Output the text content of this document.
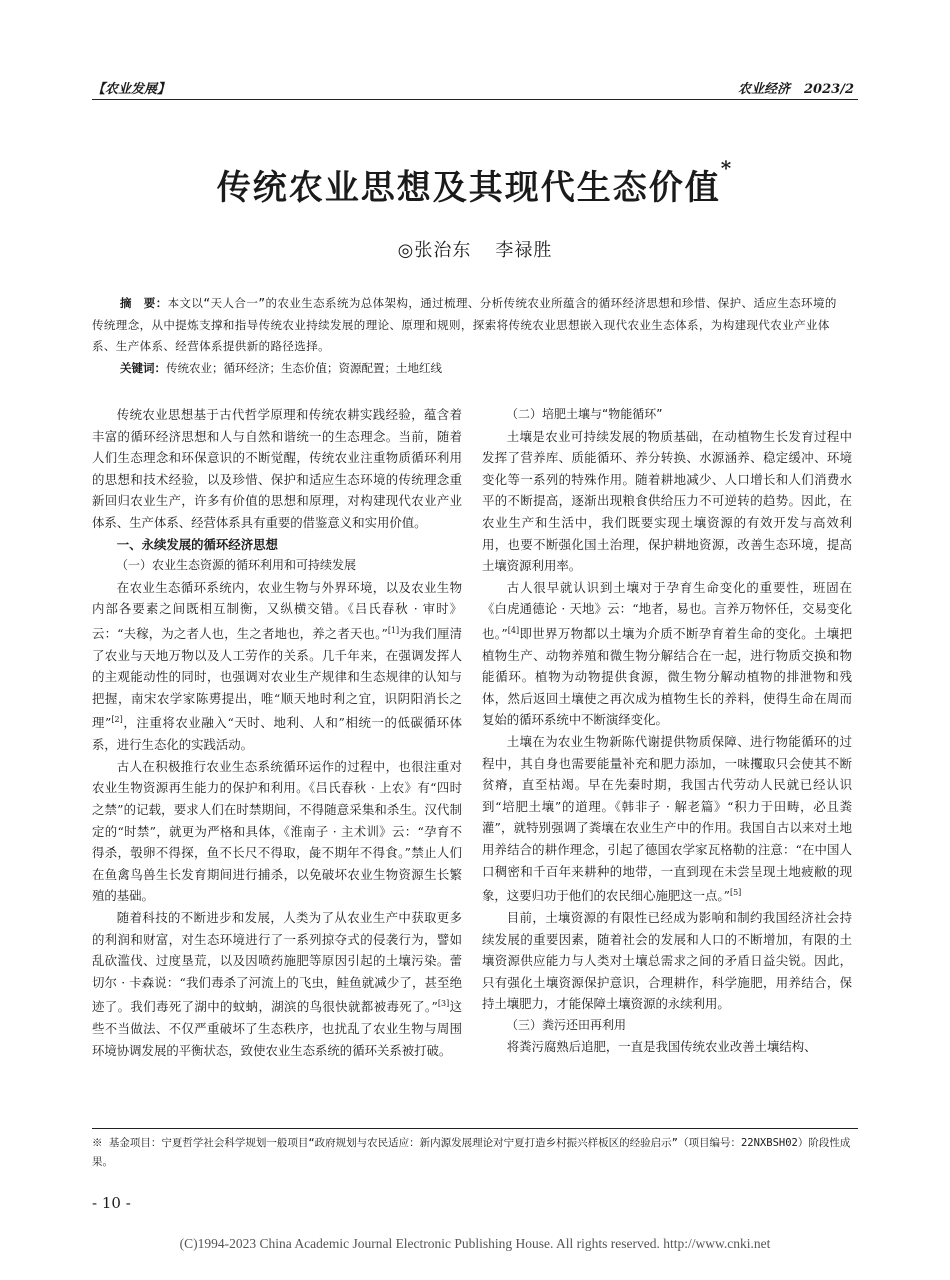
【农业发展】	农业经济 2023/2
传统农业思想及其现代生态价值*
◎张治东 李禄胜
摘　要：本文以“天人合一”的农业生态系统为总体架构，通过梳理、分析传统农业所蕴含的循环经济思想和珍惜、保护、适应生态环境的传统理念，从中提炼支撑和指导传统农业持续发展的理论、原理和规则，探索将传统农业思想嵌入现代农业生态体系，为构建现代农业产业体系、生产体系、经营体系提供新的路径选择。
关键词：传统农业；循环经济；生态价值；资源配置；土地红线

传统农业思想基于古代哲学原理和传统农耕实践经验，蕴含着丰富的循环经济思想和人与自然和谐统一的生态理念。当前，随着人们生态理念和环保意识的不断觉醒，传统农业注重物质循环利用的思想和技术经验，以及珍惜、保护和适应生态环境的传统理念重新回归农业生产，许多有价值的思想和原理，对构建现代农业产业体系、生产体系、经营体系具有重要的借鉴意义和实用价值。

一、永续发展的循环经济思想
（一）农业生态资源的循环利用和可持续发展

在农业生态循环系统内，农业生物与外界环境，以及农业生物内部各要素之间既相互制衡，又纵横交错。《吕氏春秋 · 审时》云：“夫稼，为之者人也，生之者地也，养之者天也。”[1]为我们厘清了农业与天地万物以及人工劳作的关系。几千年来，在强调发挥人的主观能动性的同时，也强调对农业生产规律和生态规律的认知与把握，南宋农学家陈旉提出，唯“顺天地时利之宜，识阴阳消长之理”[2]，注重将农业融入“天时、地利、人和”相统一的低碳循环体系，进行生态化的实践活动。

古人在积极推行农业生态系统循环运作的过程中，也很注重对农业生物资源再生能力的保护和利用。《吕氏春秋 · 上农》有“四时之禁”的记载，要求人们在时禁期间，不得随意采集和杀生。汉代制定的“时禁”，就更为严格和具体，《淮南子 · 主术训》云：“孕育不得杀，彀卵不得探，鱼不长尺不得取，彘不期年不得食。”禁止人们在鱼禽鸟兽生长发育期间进行捕杀，以免破坏农业生物资源生长繁殖的基础。

随着科技的不断进步和发展，人类为了从农业生产中获取更多的利润和财富，对生态环境进行了一系列掠夺式的侵袭行为，譬如乱砍滥伐、过度垦荒，以及因喷药施肥等原因引起的土壤污染。蕾切尔 · 卡森说：“我们毒杀了河流上的飞虫，鲑鱼就减少了，甚至绝迹了。我们毒死了湖中的蚊蚋，湖滨的鸟很快就都被毒死了。”[3]这些不当做法、不仅严重破坏了生态秩序，也扰乱了农业生物与周围环境协调发展的平衡状态，致使农业生态系统的循环关系被打破。

（二）培肥土壤与“物能循环”

土壤是农业可持续发展的物质基础，在动植物生长发育过程中发挥了营养库、质能循环、养分转换、水源涵养、稳定缓冲、环境变化等一系列的特殊作用。随着耕地减少、人口增长和人们消费水平的不断提高，逐渐出现粮食供给压力不可逆转的趋势。因此，在农业生产和生活中，我们既要实现土壤资源的有效开发与高效利用，也要不断强化国土治理，保护耕地资源，改善生态环境，提高土壤资源利用率。

古人很早就认识到土壤对于孕育生命变化的重要性，班固在《白虎通德论 · 天地》云：“地者，易也。言养万物怀任，交易变化也。”[4]即世界万物都以土壤为介质不断孕育着生命的变化。土壤把植物生产、动物养殖和微生物分解结合在一起，进行物质交换和物能循环。植物为动物提供食源，微生物分解动植物的排泄物和残体，然后返回土壤使之再次成为植物生长的养料，使得生命在周而复始的循环系统中不断演绎变化。

土壤在为农业生物新陈代谢提供物质保障、进行物能循环的过程中，其自身也需要能量补充和肥力添加，一味攫取只会使其不断贫瘠，直至枯竭。早在先秦时期，我国古代劳动人民就已经认识到“培肥土壤”的道理。《韩非子 · 解老篇》“积力于田畴，必且粪灌”，就特别强调了粪壤在农业生产中的作用。我国自古以来对土地用养结合的耕作理念，引起了德国农学家瓦格勒的注意：“在中国人口稠密和千百年来耕种的地带，一直到现在未尝呈现土地疲敝的现象，这要归功于他们的农民细心施肥这一点。”[5]

目前，土壤资源的有限性已经成为影响和制约我国经济社会持续发展的重要因素，随着社会的发展和人口的不断增加，有限的土壤资源供应能力与人类对土壤总需求之间的矛盾日益尖锐。因此，只有强化土壤资源保护意识，合理耕作，科学施肥，用养结合，保持土壤肥力，才能保障土壤资源的永续利用。

（三）粪污还田再利用

将粪污腐熟后追肥，一直是我国传统农业改善土壤结构、

※ 基金项目：宁夏哲学社会科学规划一般项目“政府规划与农民适应：新内源发展理论对宁夏打造乡村振兴样板区的经验启示”（项目编号：22NXBSH02）阶段性成果。
- 10 -
(C)1994-2023 China Academic Journal Electronic Publishing House. All rights reserved. http://www.cnki.net
